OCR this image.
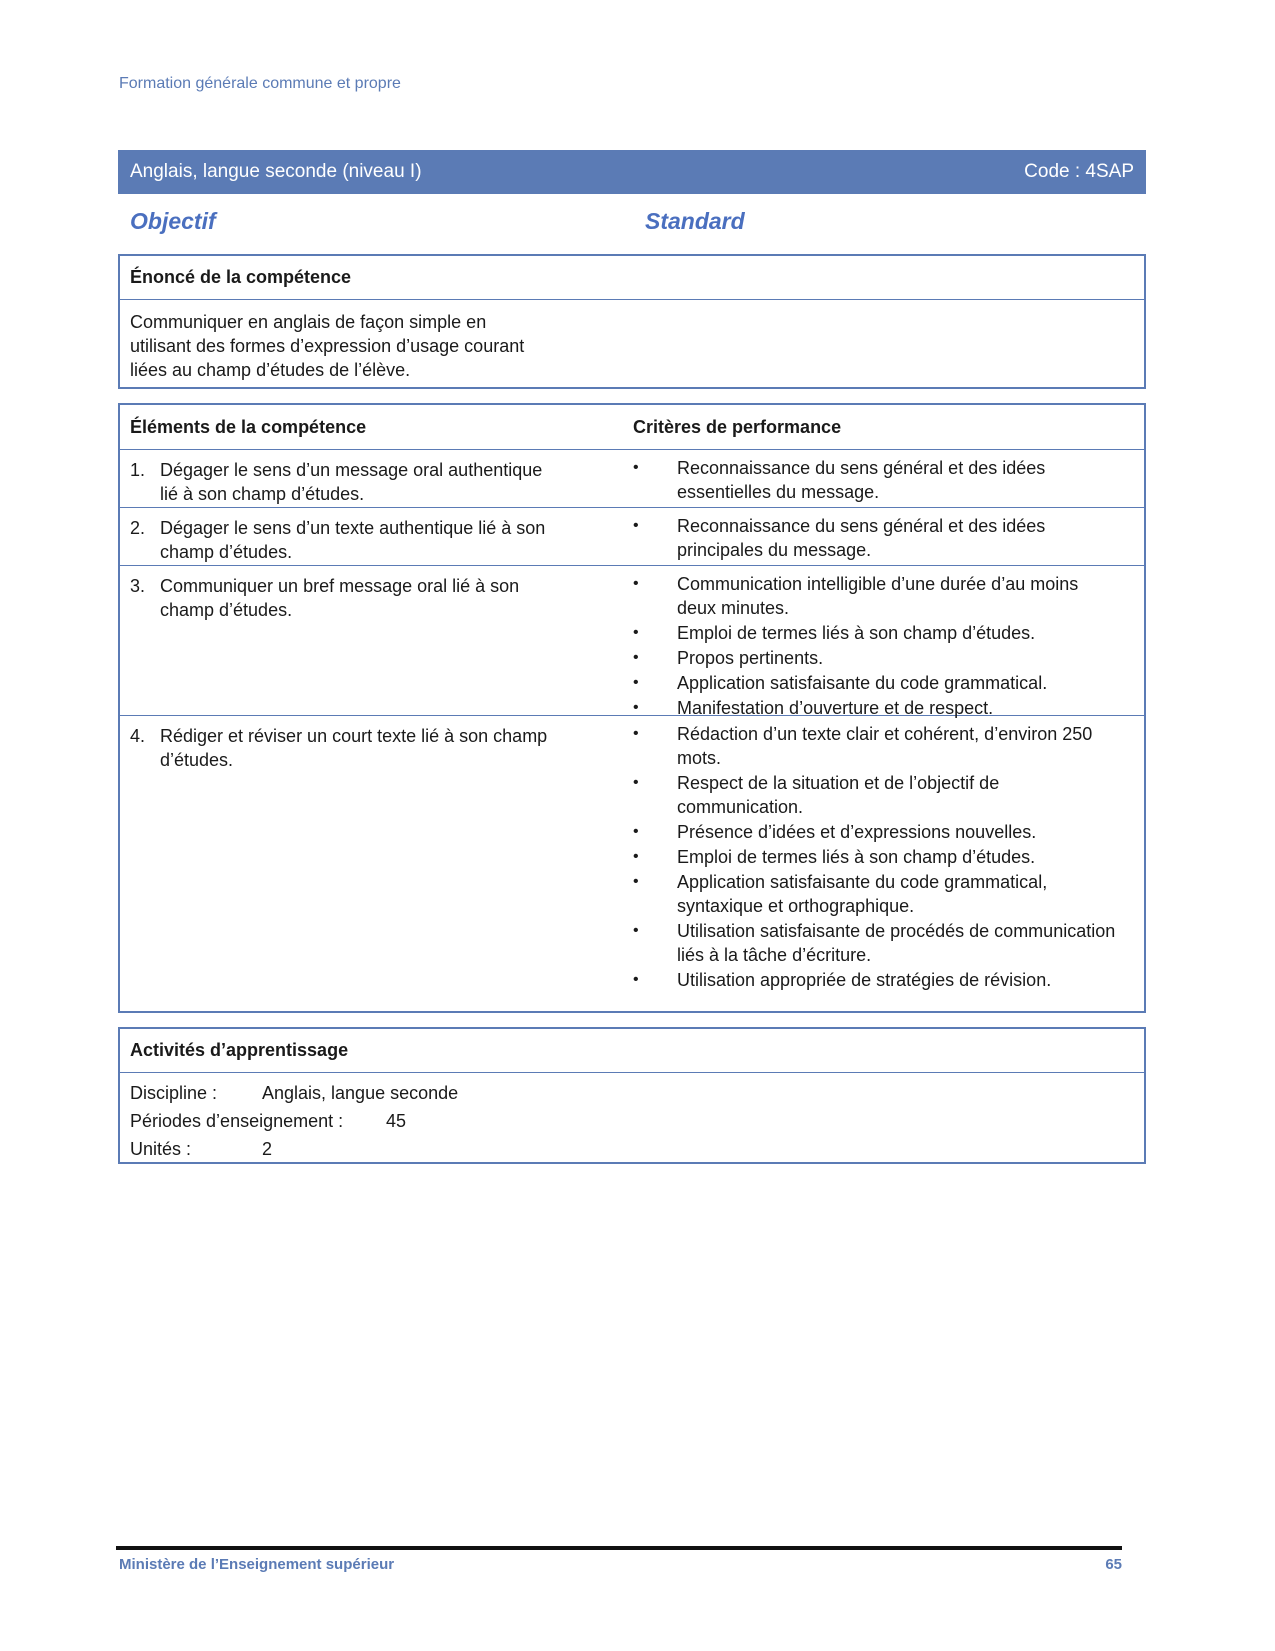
Formation générale commune et propre
Anglais, langue seconde (niveau I)	Code : 4SAP
Objectif	Standard
Énoncé de la compétence
Communiquer en anglais de façon simple en utilisant des formes d’expression d’usage courant liées au champ d’études de l’élève.
Éléments de la compétence	Critères de performance
1. Dégager le sens d’un message oral authentique lié à son champ d’études.
•	Reconnaissance du sens général et des idées essentielles du message.
2. Dégager le sens d’un texte authentique lié à son champ d’études.
•	Reconnaissance du sens général et des idées principales du message.
3. Communiquer un bref message oral lié à son champ d’études.
•	Communication intelligible d’une durée d’au moins deux minutes.
•	Emploi de termes liés à son champ d’études.
•	Propos pertinents.
•	Application satisfaisante du code grammatical.
•	Manifestation d’ouverture et de respect.
4. Rédiger et réviser un court texte lié à son champ d’études.
•	Rédaction d’un texte clair et cohérent, d’environ 250 mots.
•	Respect de la situation et de l’objectif de communication.
•	Présence d’idées et d’expressions nouvelles.
•	Emploi de termes liés à son champ d’études.
•	Application satisfaisante du code grammatical, syntaxique et orthographique.
•	Utilisation satisfaisante de procédés de communication liés à la tâche d’écriture.
•	Utilisation appropriée de stratégies de révision.
Activités d’apprentissage
Discipline :	Anglais, langue seconde
Périodes d’enseignement :	45
Unités :	2
Ministère de l’Enseignement supérieur	65
